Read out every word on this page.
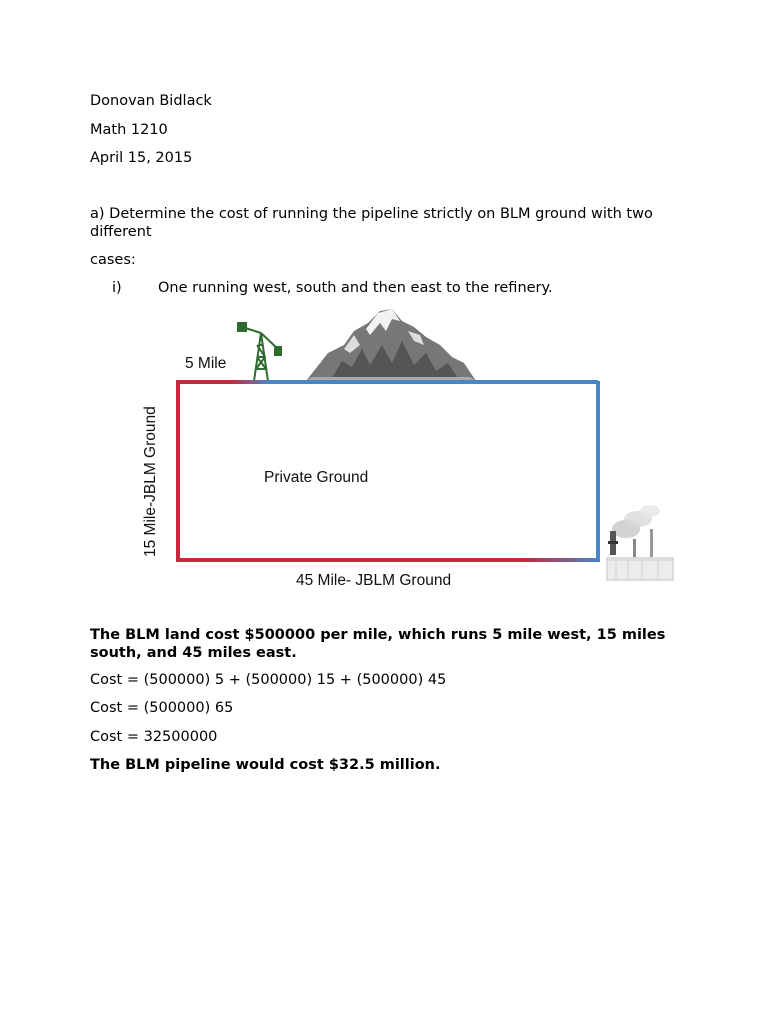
Donovan Bidlack

Math 1210

April 15, 2015

a) Determine the cost of running the pipeline strictly on BLM ground with two

different

cases:

i)	One running west, south and then east to the refinery.
5 Mile
Private Ground
45 Mile- JBLM Ground
15 Mile-JBLM Ground

The BLM land cost $500000 per mile, which runs 5 mile west, 15 miles

south, and 45 miles east.

Cost = (500000) 5 + (500000) 15 + (500000) 45

Cost = (500000) 65

Cost = 32500000

The BLM pipeline would cost $32.5 million.
